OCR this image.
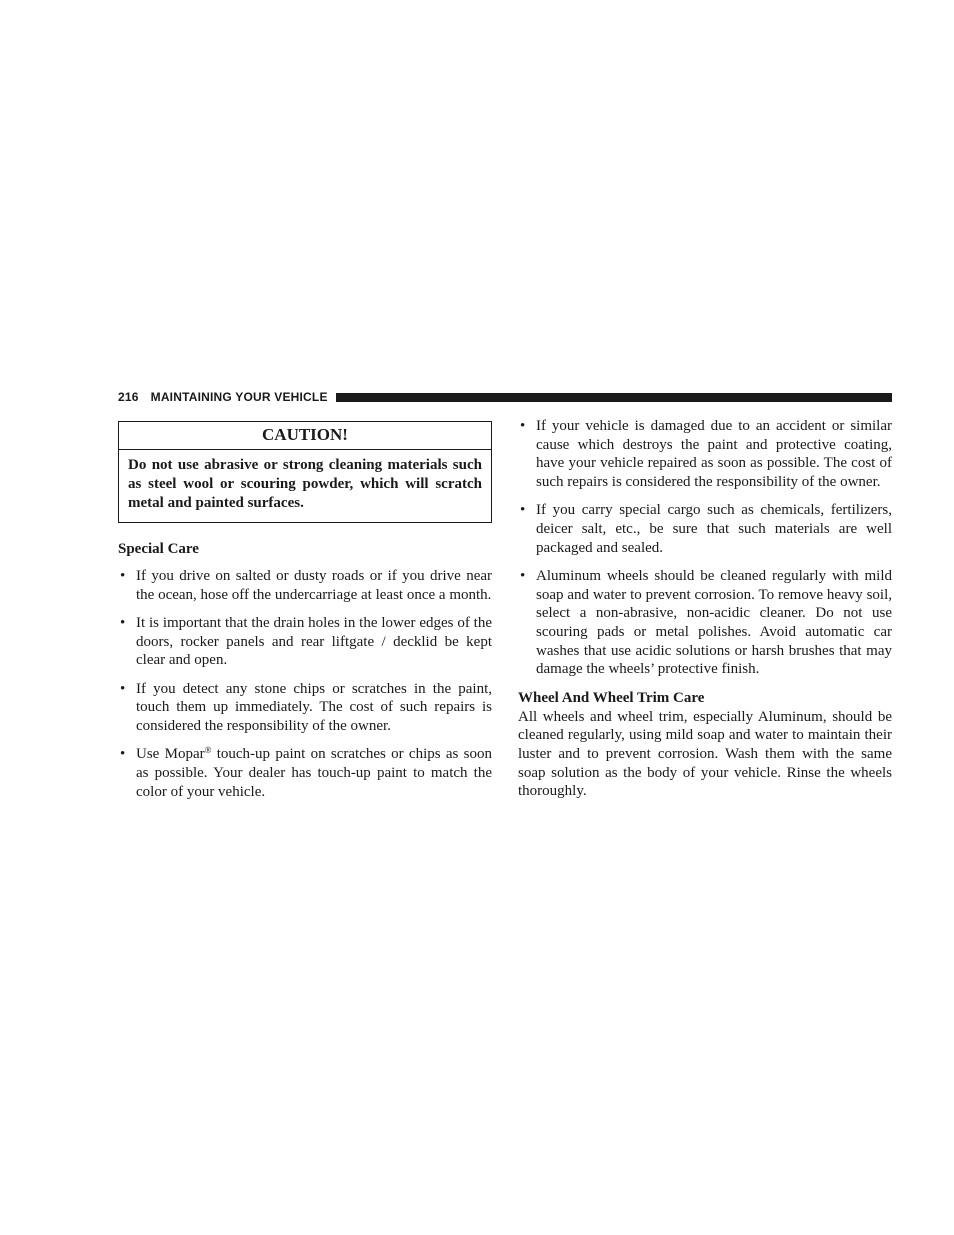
216 MAINTAINING YOUR VEHICLE
CAUTION!
Do not use abrasive or strong cleaning materials such as steel wool or scouring powder, which will scratch metal and painted surfaces.
Special Care
• If you drive on salted or dusty roads or if you drive near the ocean, hose off the undercarriage at least once a month.
• It is important that the drain holes in the lower edges of the doors, rocker panels and rear liftgate / decklid be kept clear and open.
• If you detect any stone chips or scratches in the paint, touch them up immediately. The cost of such repairs is considered the responsibility of the owner.
• Use Mopar® touch-up paint on scratches or chips as soon as possible. Your dealer has touch-up paint to match the color of your vehicle.
• If your vehicle is damaged due to an accident or similar cause which destroys the paint and protective coating, have your vehicle repaired as soon as possible. The cost of such repairs is considered the responsibility of the owner.
• If you carry special cargo such as chemicals, fertilizers, deicer salt, etc., be sure that such materials are well packaged and sealed.
• Aluminum wheels should be cleaned regularly with mild soap and water to prevent corrosion. To remove heavy soil, select a non-abrasive, non-acidic cleaner. Do not use scouring pads or metal polishes. Avoid automatic car washes that use acidic solutions or harsh brushes that may damage the wheels’ protective finish.
Wheel And Wheel Trim Care
All wheels and wheel trim, especially Aluminum, should be cleaned regularly, using mild soap and water to maintain their luster and to prevent corrosion. Wash them with the same soap solution as the body of your vehicle. Rinse the wheels thoroughly.
